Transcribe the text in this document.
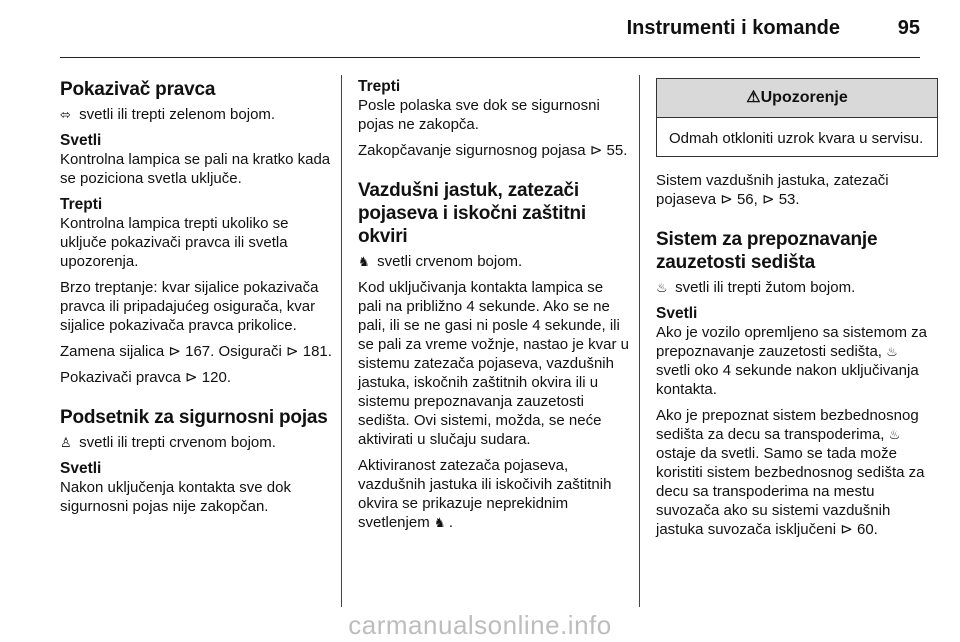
Instrumenti i komande	95
Pokazivač pravca

⬄ svetli ili trepti zelenom bojom.

Svetli

Kontrolna lampica se pali na kratko kada se poziciona svetla uključe.

Trepti

Kontrolna lampica trepti ukoliko se uključe pokazivači pravca ili svetla upozorenja.

Brzo treptanje: kvar sijalice pokazivača pravca ili pripadajućeg osigurača, kvar sijalice pokazivača pravca prikolice.

Zamena sijalica ⊳ 167. Osigurači ⊳ 181.

Pokazivači pravca ⊳ 120.

Podsetnik za sigurnosni pojas

♙ svetli ili trepti crvenom bojom.

Svetli

Nakon uključenja kontakta sve dok sigurnosni pojas nije zakopčan.

Trepti

Posle polaska sve dok se sigurnosni pojas ne zakopča.

Zakopčavanje sigurnosnog pojasa ⊳ 55.

Vazdušni jastuk, zatezači pojaseva i iskočni zaštitni okviri

♞ svetli crvenom bojom.

Kod uključivanja kontakta lampica se pali na približno 4 sekunde. Ako se ne pali, ili se ne gasi ni posle 4 sekunde, ili se pali za vreme vožnje, nastao je kvar u sistemu zatezača pojaseva, vazdušnih jastuka, iskočnih zaštitnih okvira ili u sistemu prepoznavanja zauzetosti sedišta. Ovi sistemi, možda, se neće aktivirati u slučaju sudara.

Aktiviranost zatezača pojaseva, vazdušnih jastuka ili iskočivih zaštitnih okvira se prikazuje neprekidnim svetlenjem ♞ .

⚠Upozorenje
Odmah otkloniti uzrok kvara u servisu.

Sistem vazdušnih jastuka, zatezači pojaseva ⊳ 56, ⊳ 53.

Sistem za prepoznavanje zauzetosti sedišta

♨ svetli ili trepti žutom bojom.

Svetli

Ako je vozilo opremljeno sa sistemom za prepoznavanje zauzetosti sedišta, ♨ svetli oko 4 sekunde nakon uključivanja kontakta.

Ako je prepoznat sistem bezbednosnog sedišta za decu sa transpoderima, ♨ ostaje da svetli. Samo se tada može koristiti sistem bezbednosnog sedišta za decu sa transpoderima na mestu suvozača ako su sistemi vazdušnih jastuka suvozača isključeni ⊳ 60.

carmanualsonline.info
